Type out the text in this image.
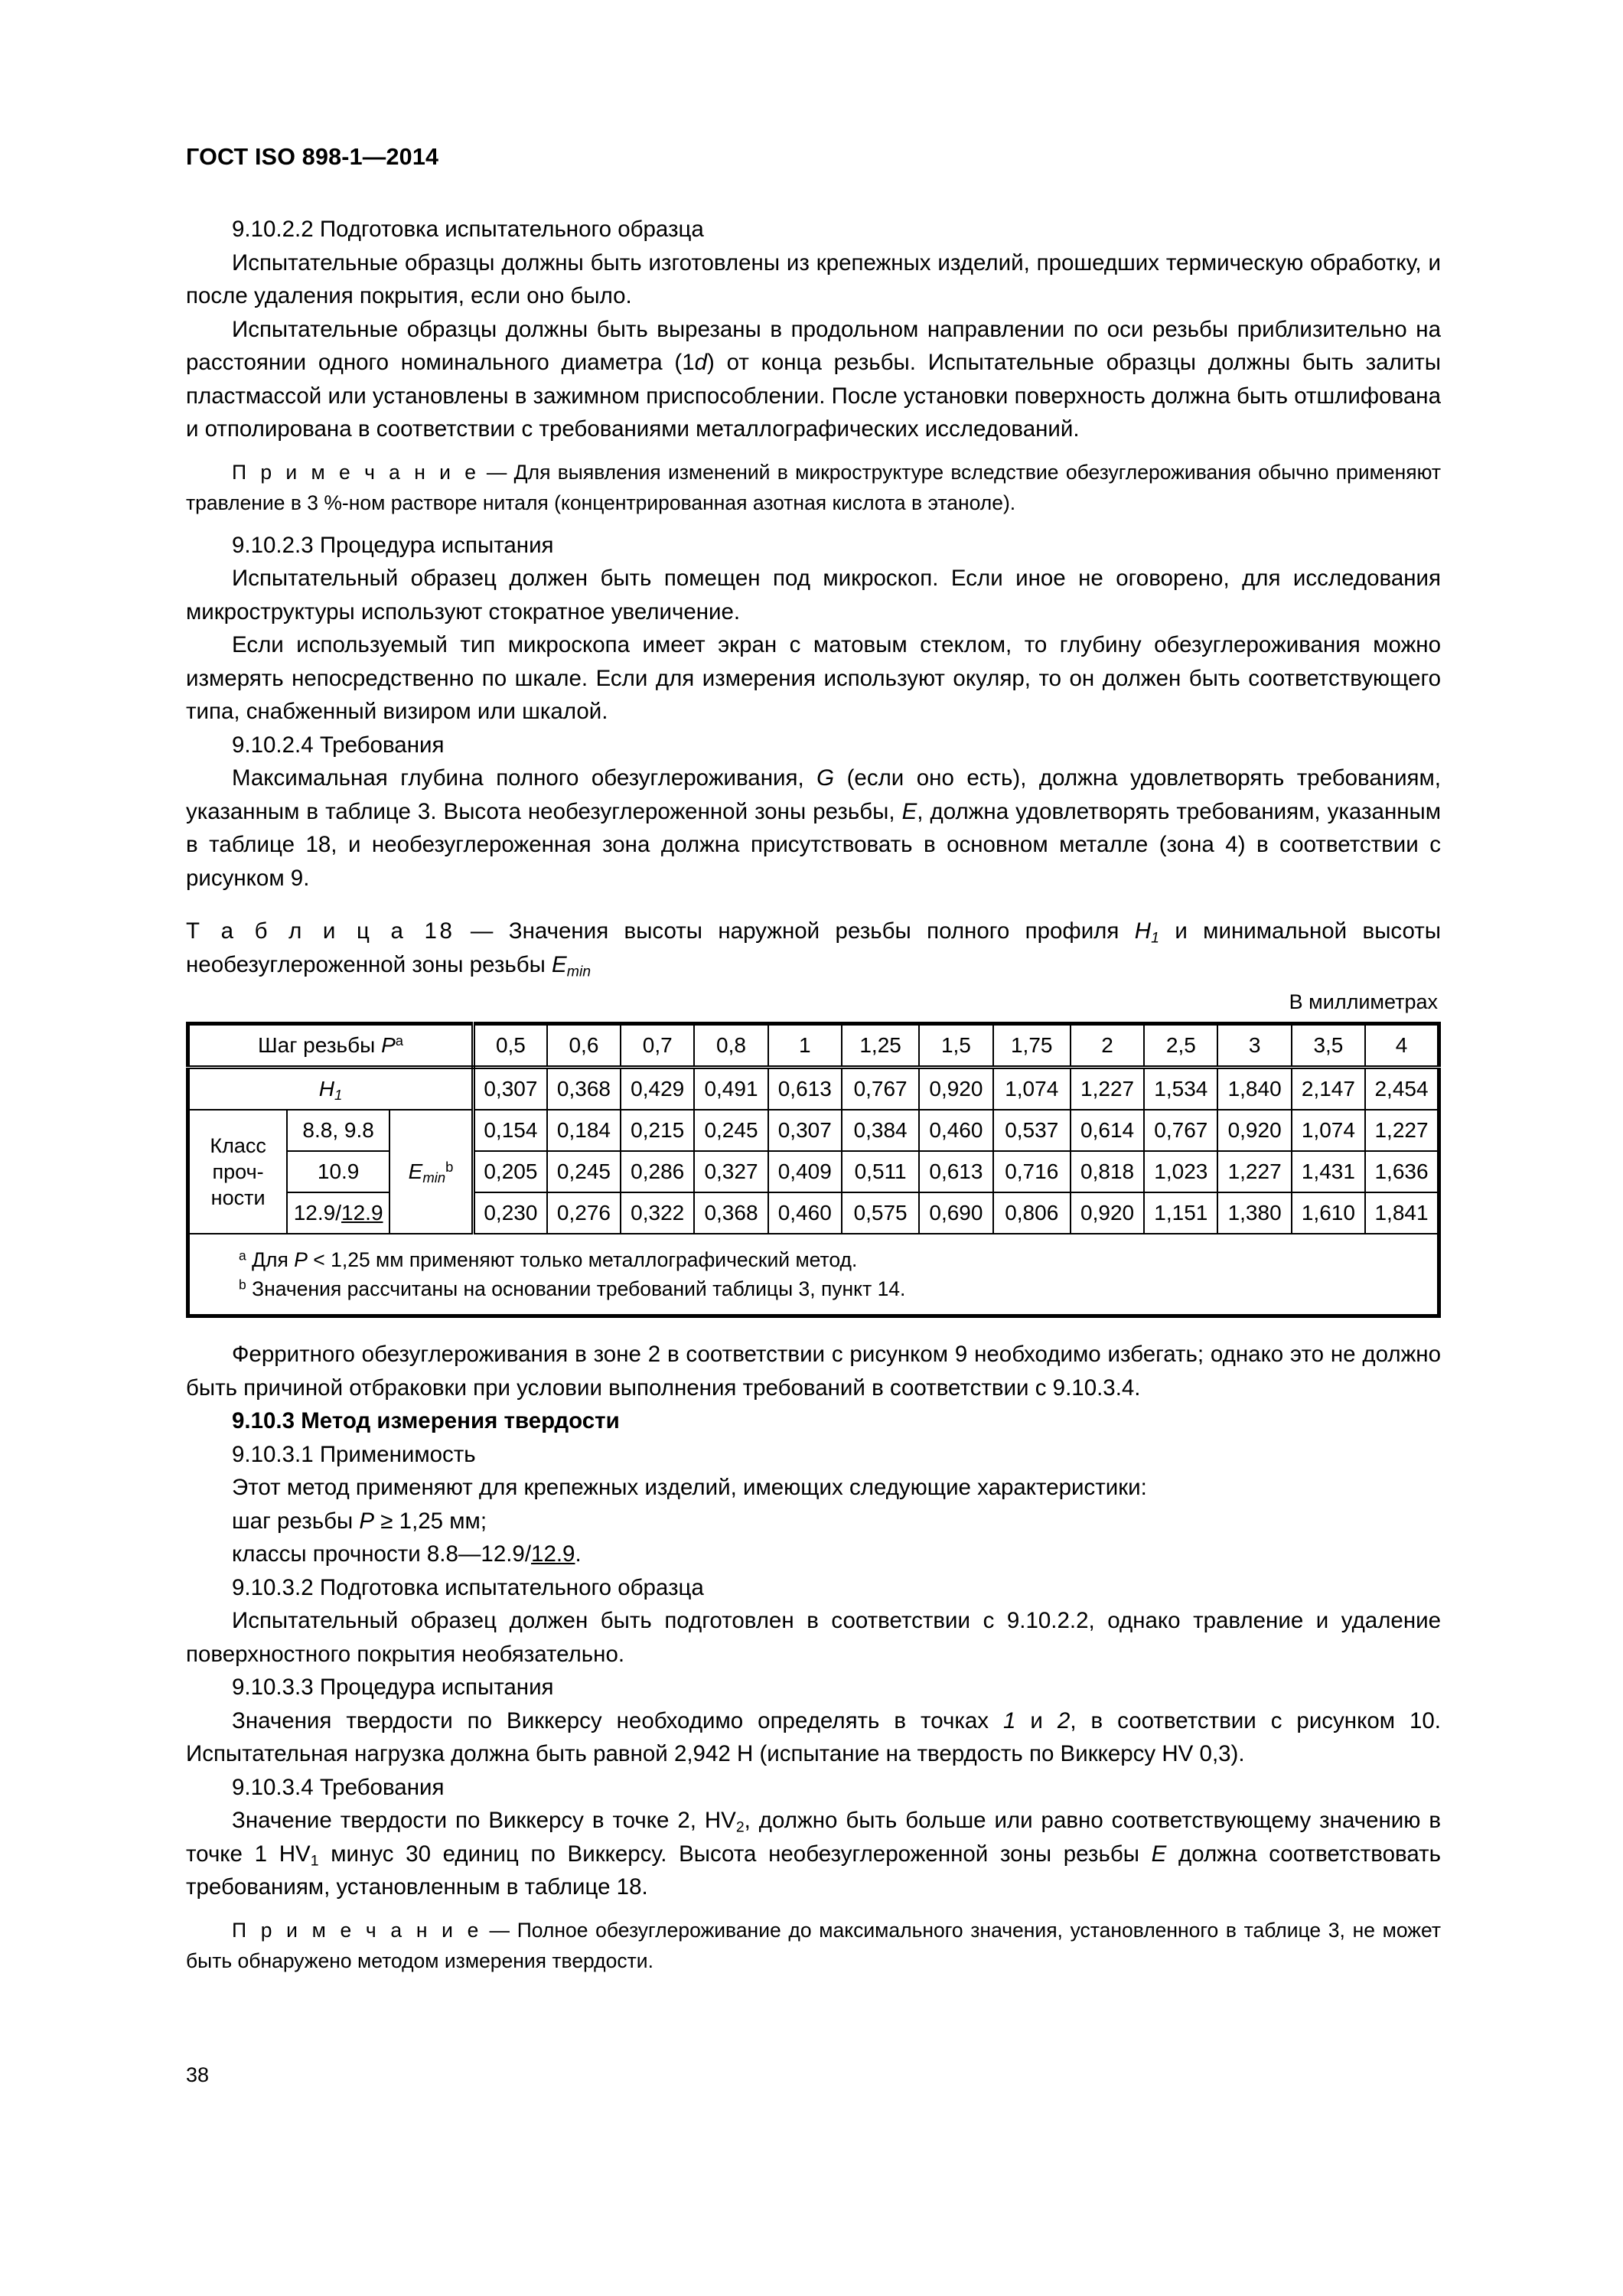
ГОСТ ISO 898-1—2014

9.10.2.2 Подготовка испытательного образца

Испытательные образцы должны быть изготовлены из крепежных изделий, прошедших термическую обработку, и после удаления покрытия, если оно было.

Испытательные образцы должны быть вырезаны в продольном направлении по оси резьбы приблизительно на расстоянии одного номинального диаметра (1d) от конца резьбы. Испытательные образцы должны быть залиты пластмассой или установлены в зажимном приспособлении. После установки поверхность должна быть отшлифована и отполирована в соответствии с требованиями металлографических исследований.

П р и м е ч а н и е — Для выявления изменений в микроструктуре вследствие обезуглероживания обычно применяют травление в 3 %-ном растворе ниталя (концентрированная азотная кислота в этаноле).

9.10.2.3 Процедура испытания

Испытательный образец должен быть помещен под микроскоп. Если иное не оговорено, для исследования микроструктуры используют стократное увеличение.

Если используемый тип микроскопа имеет экран с матовым стеклом, то глубину обезуглероживания можно измерять непосредственно по шкале. Если для измерения используют окуляр, то он должен быть соответствующего типа, снабженный визиром или шкалой.

9.10.2.4 Требования

Максимальная глубина полного обезуглероживания, G (если оно есть), должна удовлетворять требованиям, указанным в таблице 3. Высота необезуглероженной зоны резьбы, E, должна удовлетворять требованиям, указанным в таблице 18, и необезуглероженная зона должна присутствовать в основном металле (зона 4) в соответствии с рисунком 9.

Т а б л и ц а 18 — Значения высоты наружной резьбы полного профиля $H_1$ и минимальной высоты необезуглероженной зоны резьбы $E_{min}$

В миллиметрах

Шаг резьбы $P^a$			0,5	0,6	0,7	0,8	1	1,25	1,5	1,75	2	2,5	3	3,5	4
$H_1$			0,307	0,368	0,429	0,491	0,613	0,767	0,920	1,074	1,227	1,534	1,840	2,147	2,454

Класс
проч-
ности	8.8, 9.8	$E_{min}^b$	0,154	0,184	0,215	0,245	0,307	0,384	0,460	0,537	0,614	0,767	0,920	1,074	1,227
	10.9		0,205	0,245	0,286	0,327	0,409	0,511	0,613	0,716	0,818	1,023	1,227	1,431	1,636
	12.9/12.9		0,230	0,276	0,322	0,368	0,460	0,575	0,690	0,806	0,920	1,151	1,380	1,610	1,841

$^a$ Для P < 1,25 мм применяют только металлографический метод.

$^b$ Значения рассчитаны на основании требований таблицы 3, пункт 14.															

Ферритного обезуглероживания в зоне 2 в соответствии с рисунком 9 необходимо избегать; однако это не должно быть причиной отбраковки при условии выполнения требований в соответствии с 9.10.3.4.

9.10.3 Метод измерения твердости

9.10.3.1 Применимость

Этот метод применяют для крепежных изделий, имеющих следующие характеристики:

шаг резьбы P ≥ 1,25 мм;

классы прочности 8.8—12.9/12.9.

9.10.3.2 Подготовка испытательного образца

Испытательный образец должен быть подготовлен в соответствии с 9.10.2.2, однако травление и удаление поверхностного покрытия необязательно.

9.10.3.3 Процедура испытания

Значения твердости по Виккерсу необходимо определять в точках 1 и 2, в соответствии с рисунком 10. Испытательная нагрузка должна быть равной 2,942 Н (испытание на твердость по Виккерсу HV 0,3).

9.10.3.4 Требования

Значение твердости по Виккерсу в точке 2, $HV_2$, должно быть больше или равно соответствующему значению в точке 1 $HV_1$ минус 30 единиц по Виккерсу. Высота необезуглероженной зоны резьбы E должна соответствовать требованиям, установленным в таблице 18.

П р и м е ч а н и е — Полное обезуглероживание до максимального значения, установленного в таблице 3, не может быть обнаружено методом измерения твердости.

38
